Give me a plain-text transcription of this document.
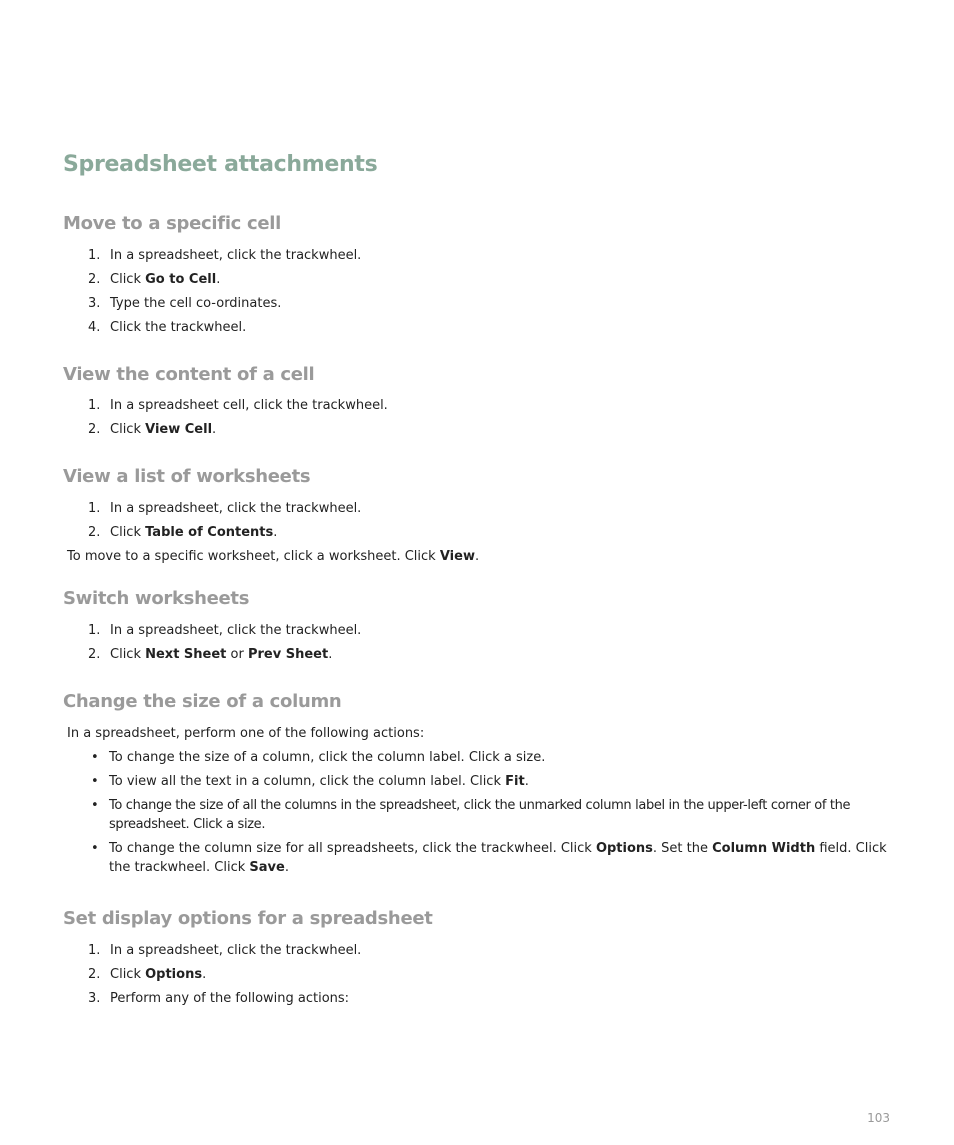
Spreadsheet attachments
Move to a specific cell
1. In a spreadsheet, click the trackwheel.
2. Click Go to Cell.
3. Type the cell co-ordinates.
4. Click the trackwheel.
View the content of a cell
1. In a spreadsheet cell, click the trackwheel.
2. Click View Cell.
View a list of worksheets
1. In a spreadsheet, click the trackwheel.
2. Click Table of Contents.

To move to a specific worksheet, click a worksheet. Click View.

Switch worksheets
1. In a spreadsheet, click the trackwheel.
2. Click Next Sheet or Prev Sheet.
Change the size of a column

In a spreadsheet, perform one of the following actions:

• To change the size of a column, click the column label. Click a size.
• To view all the text in a column, click the column label. Click Fit.
• To change the size of all the columns in the spreadsheet, click the unmarked column label in the upper-left corner of the spreadsheet. Click a size.
• To change the column size for all spreadsheets, click the trackwheel. Click Options. Set the Column Width field. Click the trackwheel. Click Save.
Set display options for a spreadsheet
1. In a spreadsheet, click the trackwheel.
2. Click Options.
3. Perform any of the following actions:
103
